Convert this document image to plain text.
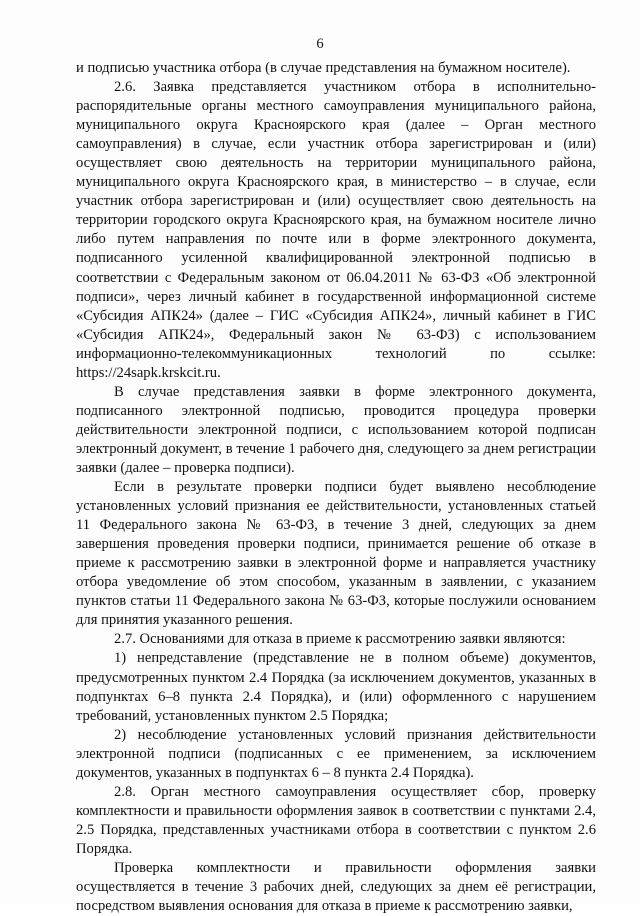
6

и подписью участника отбора (в случае представления на бумажном носителе).

2.6. Заявка представляется участником отбора в исполнительно-распорядительные органы местного самоуправления муниципального района, муниципального округа Красноярского края (далее – Орган местного самоуправления) в случае, если участник отбора зарегистрирован и (или) осуществляет свою деятельность на территории муниципального района, муниципального округа Красноярского края, в министерство – в случае, если участник отбора зарегистрирован и (или) осуществляет свою деятельность на территории городского округа Красноярского края, на бумажном носителе лично либо путем направления по почте или в форме электронного документа, подписанного усиленной квалифицированной электронной подписью в соответствии с Федеральным законом от 06.04.2011 № 63-ФЗ «Об электронной подписи», через личный кабинет в государственной информационной системе «Субсидия АПК24» (далее – ГИС «Субсидия АПК24», личный кабинет в ГИС «Субсидия АПК24», Федеральный закон № 63-ФЗ) с использованием информационно-телекоммуникационных технологий по ссылке: https://24sapk.krskcit.ru.

В случае представления заявки в форме электронного документа, подписанного электронной подписью, проводится процедура проверки действительности электронной подписи, с использованием которой подписан электронный документ, в течение 1 рабочего дня, следующего за днем регистрации заявки (далее – проверка подписи).

Если в результате проверки подписи будет выявлено несоблюдение установленных условий признания ее действительности, установленных статьей 11 Федерального закона № 63-ФЗ, в течение 3 дней, следующих за днем завершения проведения проверки подписи, принимается решение об отказе в приеме к рассмотрению заявки в электронной форме и направляется участнику отбора уведомление об этом способом, указанным в заявлении, с указанием пунктов статьи 11 Федерального закона № 63-ФЗ, которые послужили основанием для принятия указанного решения.

2.7. Основаниями для отказа в приеме к рассмотрению заявки являются:

1) непредставление (представление не в полном объеме) документов, предусмотренных пунктом 2.4 Порядка (за исключением документов, указанных в подпунктах 6–8 пункта 2.4 Порядка), и (или) оформленного с нарушением требований, установленных пунктом 2.5 Порядка;

2) несоблюдение установленных условий признания действительности электронной подписи (подписанных с ее применением, за исключением документов, указанных в подпунктах 6 – 8 пункта 2.4 Порядка).

2.8. Орган местного самоуправления осуществляет сбор, проверку комплектности и правильности оформления заявок в соответствии с пунктами 2.4, 2.5 Порядка, представленных участниками отбора в соответствии с пунктом 2.6 Порядка.

Проверка комплектности и правильности оформления заявки осуществляется в течение 3 рабочих дней, следующих за днем её регистрации, посредством выявления основания для отказа в приеме к рассмотрению заявки,
